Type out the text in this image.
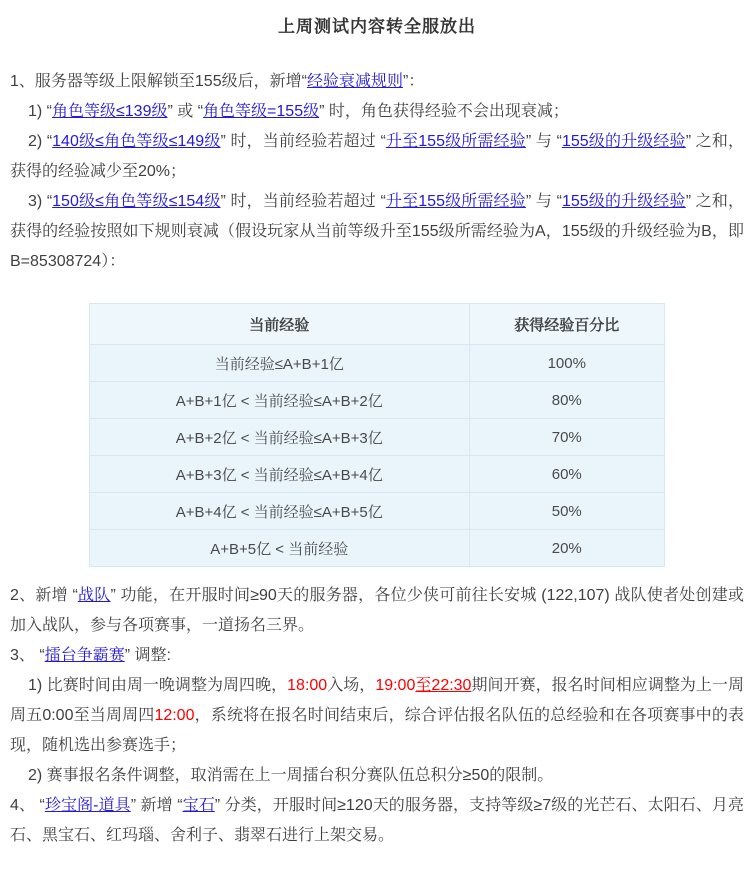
上周测试内容转全服放出

1、服务器等级上限解锁至155级后，新增“经验衰减规则”：

1) “角色等级≤139级” 或 “角色等级=155级” 时，角色获得经验不会出现衰减；

2) “140级≤角色等级≤149级” 时，当前经验若超过 “升至155级所需经验” 与 “155级的升级经验” 之和，获得的经验减少至20%；

3) “150级≤角色等级≤154级” 时，当前经验若超过 “升至155级所需经验” 与 “155级的升级经验” 之和，获得的经验按照如下规则衰减（假设玩家从当前等级升至155级所需经验为A，155级的升级经验为B，即B=85308724）：

当前经验	获得经验百分比
当前经验≤A+B+1亿	100%
A+B+1亿 < 当前经验≤A+B+2亿	80%
A+B+2亿 < 当前经验≤A+B+3亿	70%
A+B+3亿 < 当前经验≤A+B+4亿	60%
A+B+4亿 < 当前经验≤A+B+5亿	50%
A+B+5亿 < 当前经验	20%

2、新增 “战队” 功能，在开服时间≥90天的服务器，各位少侠可前往长安城 (122,107) 战队使者处创建或加入战队，参与各项赛事，一道扬名三界。

3、 “擂台争霸赛” 调整:

1) 比赛时间由周一晚调整为周四晚，18:00入场，19:00至22:30期间开赛，报名时间相应调整为上一周周五0:00至当周周四12:00，系统将在报名时间结束后，综合评估报名队伍的总经验和在各项赛事中的表现，随机选出参赛选手；

2) 赛事报名条件调整，取消需在上一周擂台积分赛队伍总积分≥50的限制。

4、 “珍宝阁-道具” 新增 “宝石” 分类，开服时间≥120天的服务器，支持等级≥7级的光芒石、太阳石、月亮石、黑宝石、红玛瑙、舍利子、翡翠石进行上架交易。
